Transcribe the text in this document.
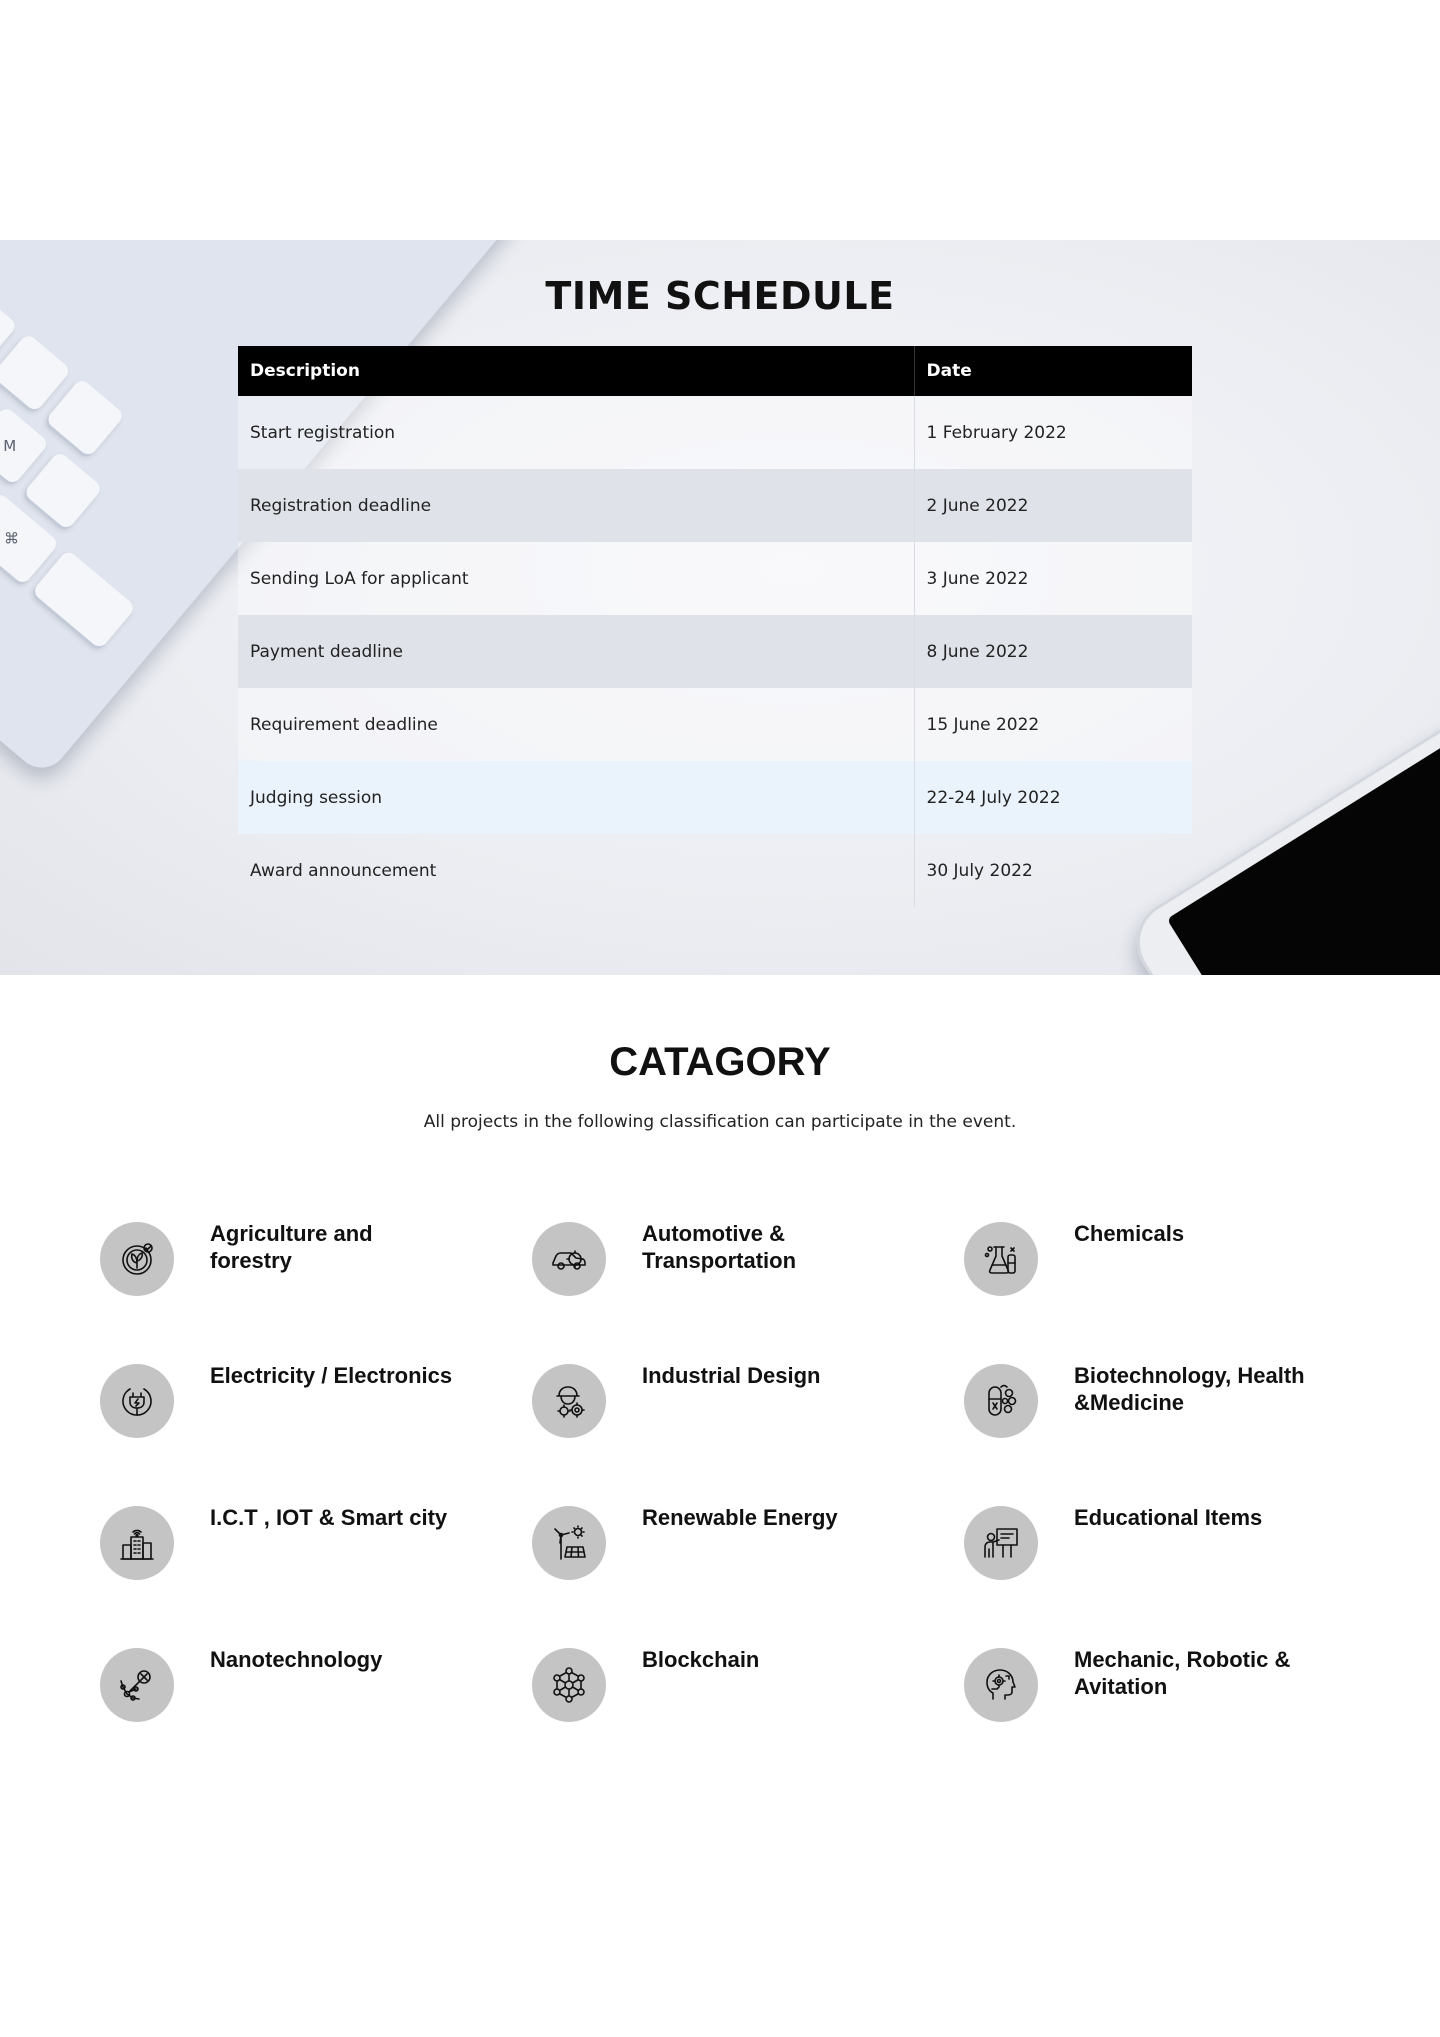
M
⌘
TIME SCHEDULE
Description	Date
Start registration	1 February 2022
Registration deadline	2 June 2022
Sending LoA for applicant	3 June 2022
Payment deadline	8 June 2022
Requirement deadline	15 June 2022
Judging session	22-24 July 2022
Award announcement	30 July 2022
CATAGORY

All projects in the following classification can participate in the event.

Agriculture and forestry
Automotive & Transportation
Chemicals
Electricity / Electronics	Industrial Design	Biotechnology, Health &Medicine
I.C.T , IOT & Smart city	Renewable Energy	Educational Items
Nanotechnology	Blockchain	Mechanic, Robotic & Avitation
